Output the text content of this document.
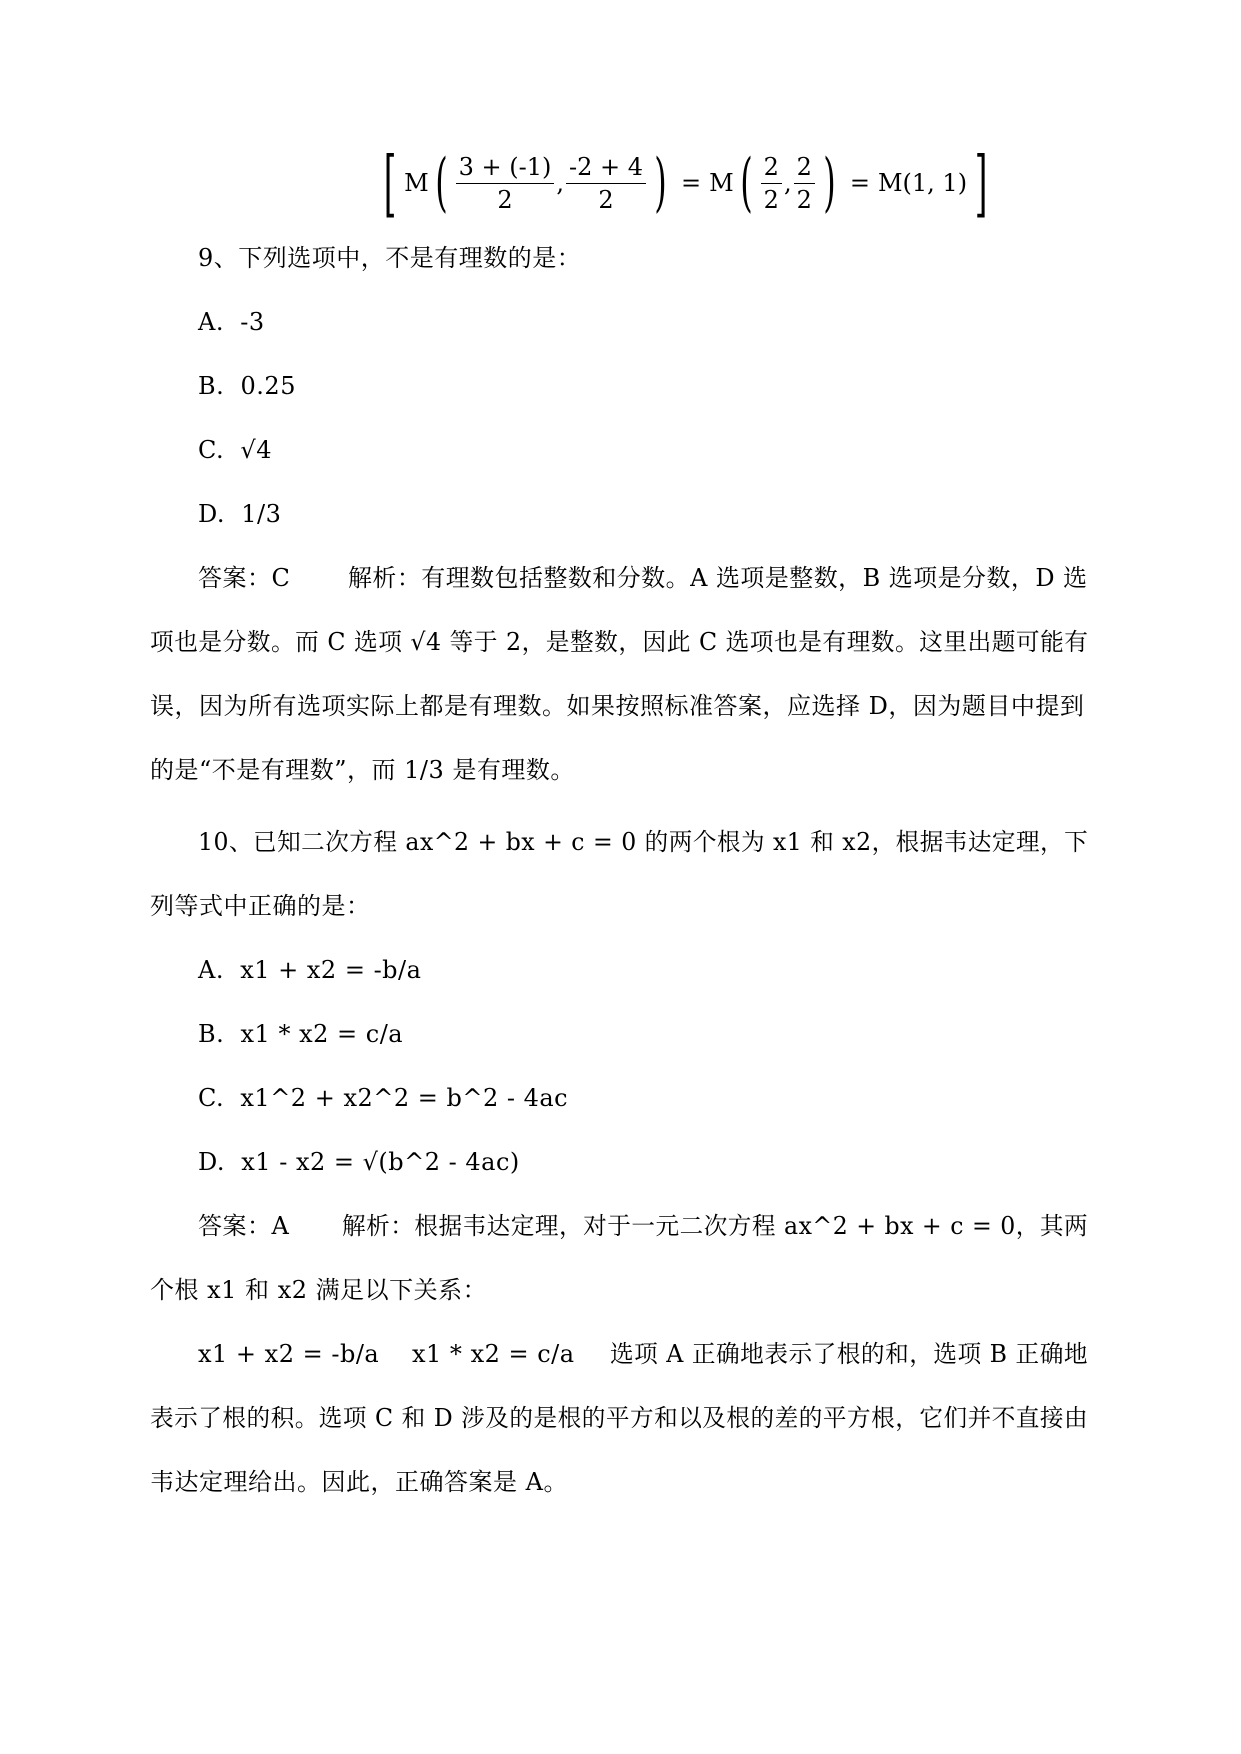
[ M ( $\frac{3 + (-1)}{2}$ , $\frac{-2 + 4}{2}$ ) = M ( $\frac{2}{2}$ , $\frac{2}{2}$ ) = M(1, 1) ]
9、下列选项中，不是有理数的是：
A.  -3
B.  0.25
C.  √4
D.  1/3
答案：C 解析：有理数包括整数和分数。A 选项是整数，B 选项是分数，D 选
项也是分数。而 C 选项 √4 等于 2，是整数，因此 C 选项也是有理数。这里出题可能有
误，因为所有选项实际上都是有理数。如果按照标准答案，应选择 D，因为题目中提到
的是“不是有理数”，而 1/3 是有理数。
10、已知二次方程 ax^2 + bx + c = 0 的两个根为 x1 和 x2，根据韦达定理，下
列等式中正确的是：
A.  x1 + x2 = -b/a
B.  x1 * x2 = c/a
C.  x1^2 + x2^2 = b^2 - 4ac
D.  x1 - x2 = √(b^2 - 4ac)
答案：A 解析：根据韦达定理，对于一元二次方程 ax^2 + bx + c = 0，其两
个根 x1 和 x2 满足以下关系：
x1 + x2 = -b/a x1 * x2 = c/a 选项 A 正确地表示了根的和，选项 B 正确地
表示了根的积。选项 C 和 D 涉及的是根的平方和以及根的差的平方根，它们并不直接由
韦达定理给出。因此，正确答案是 A。
